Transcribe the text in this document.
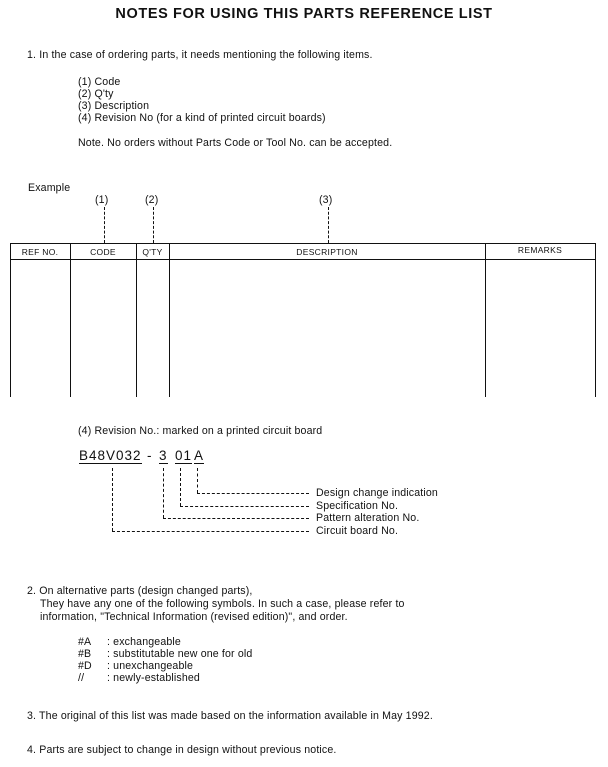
NOTES FOR USING THIS PARTS REFERENCE LIST
1. In the case of ordering parts, it needs mentioning the following items.
(1) Code
(2) Q'ty
(3) Description
(4) Revision No (for a kind of printed circuit boards)
Note. No orders without Parts Code or Tool No. can be accepted.
Example
(1)	(2)	(3)
REF NO.	CODE	Q'TY	DESCRIPTION	REMARKS
(4) Revision No.: marked on a printed circuit board
B48V032 - 3 01 A
Design change indication
Specification No.
Pattern alteration No.
Circuit board No.
2. On alternative parts (design changed parts),
They have any one of the following symbols. In such a case, please refer to
information, "Technical Information (revised edition)", and order.
#A : exchangeable
#B : substitutable new one for old
#D : unexchangeable
// : newly-established
3. The original of this list was made based on the information available in May 1992.
4. Parts are subject to change in design without previous notice.
